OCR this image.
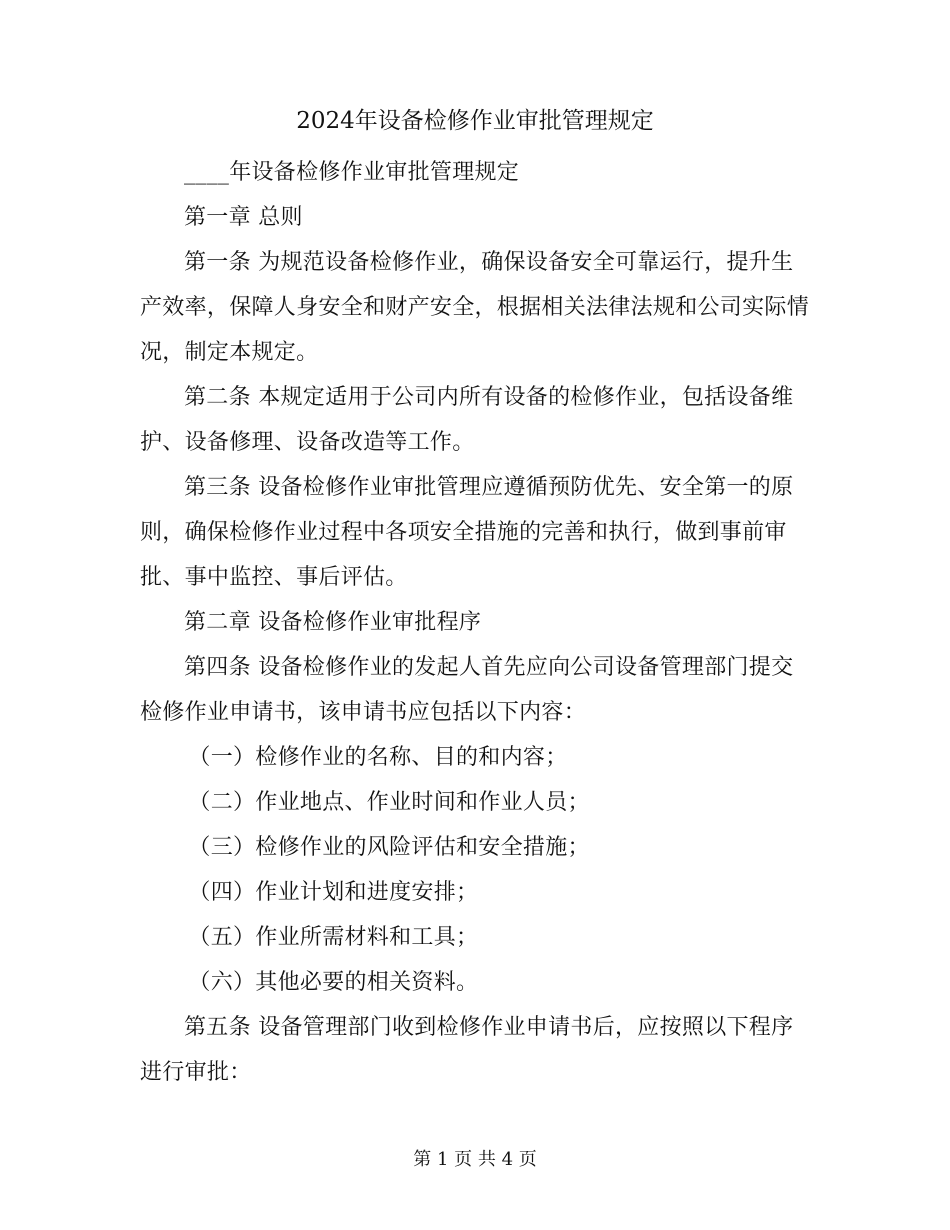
2024年设备检修作业审批管理规定

____年设备检修作业审批管理规定

第一章 总则

第一条 为规范设备检修作业，确保设备安全可靠运行，提升生产效率，保障人身安全和财产安全，根据相关法律法规和公司实际情况，制定本规定。

第二条 本规定适用于公司内所有设备的检修作业，包括设备维护、设备修理、设备改造等工作。

第三条 设备检修作业审批管理应遵循预防优先、安全第一的原则，确保检修作业过程中各项安全措施的完善和执行，做到事前审批、事中监控、事后评估。

第二章 设备检修作业审批程序

第四条 设备检修作业的发起人首先应向公司设备管理部门提交检修作业申请书，该申请书应包括以下内容：

（一）检修作业的名称、目的和内容；

（二）作业地点、作业时间和作业人员；

（三）检修作业的风险评估和安全措施；

（四）作业计划和进度安排；

（五）作业所需材料和工具；

（六）其他必要的相关资料。

第五条 设备管理部门收到检修作业申请书后，应按照以下程序进行审批：

第 1 页 共 4 页
